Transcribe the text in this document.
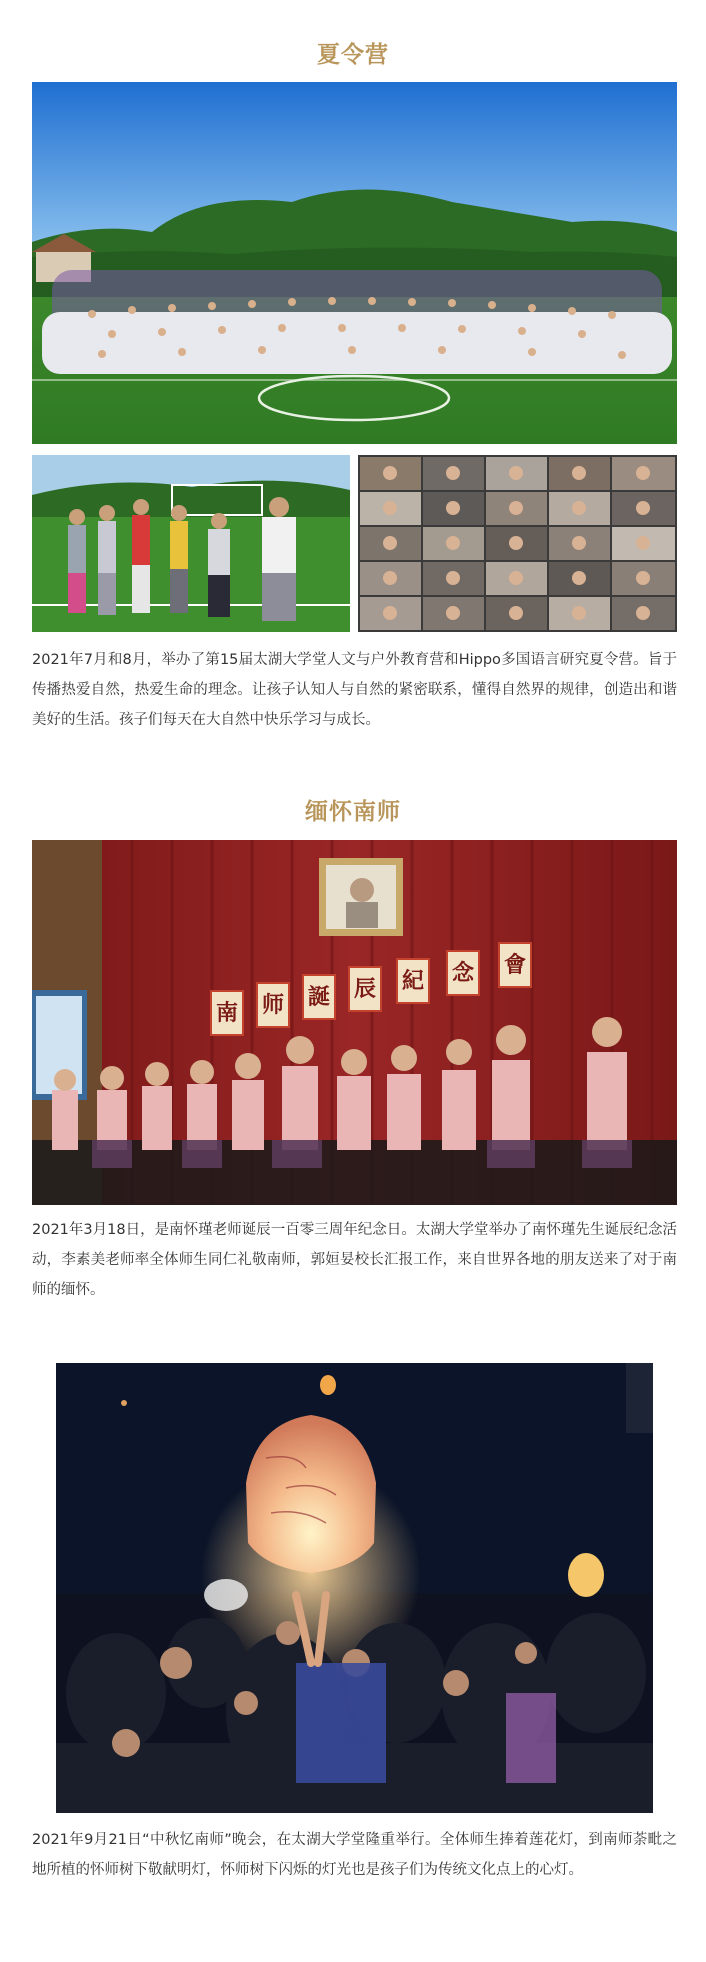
夏令营
2021年7月和8月，举办了第15届太湖大学堂人文与户外教育营和Hippo多国语言研究夏令营。旨于传播热爱自然，热爱生命的理念。让孩子认知人与自然的紧密联系，懂得自然界的规律，创造出和谐美好的生活。孩子们每天在大自然中快乐学习与成长。
缅怀南师
南 师 誕 辰 紀 念 會
2021年3月18日，是南怀瑾老师诞辰一百零三周年纪念日。太湖大学堂举办了南怀瑾先生诞辰纪念活动，李素美老师率全体师生同仁礼敬南师，郭姮妟校长汇报工作，来自世界各地的朋友送来了对于南师的缅怀。
2021年9月21日“中秋忆南师”晚会，在太湖大学堂隆重举行。全体师生捧着莲花灯，到南师荼毗之地所植的怀师树下敬献明灯，怀师树下闪烁的灯光也是孩子们为传统文化点上的心灯。
